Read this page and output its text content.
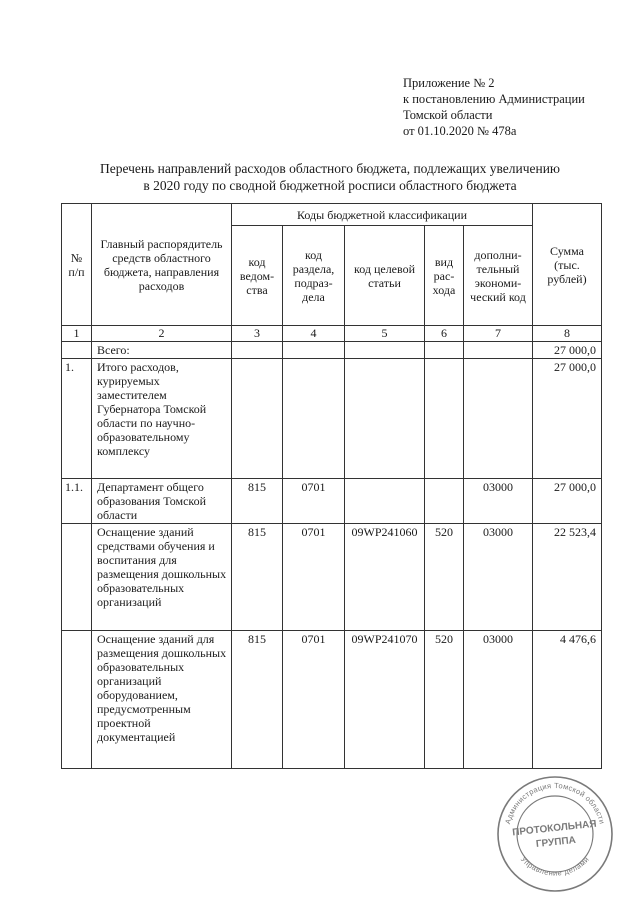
Приложение № 2
к постановлению Администрации
Томской области
от 01.10.2020 № 478а
Перечень направлений расходов областного бюджета, подлежащих увеличению
в 2020 году по сводной бюджетной росписи областного бюджета
№ п/п	Главный распорядитель средств областного бюджета, направления расходов	Коды бюджетной классификации					Сумма (тыс. рублей)
		код ведом-ства	код раздела, подраз-дела	код целевой статьи	вид рас-хода	дополни-тельный экономи-ческий код	
1	2	3	4	5	6	7	8
	Всего:						27 000,0
1.	Итого расходов, курируемых заместителем Губернатора Томской области по научно-образовательному комплексу						27 000,0
1.1.	Департамент общего образования Томской области	815	0701			03000	27 000,0
	Оснащение зданий средствами обучения и воспитания для размещения дошкольных образовательных организаций	815	0701	09WP241060	520	03000	22 523,4
	Оснащение зданий для размещения дошкольных образовательных организаций оборудованием, предусмотренным проектной документацией	815	0701	09WP241070	520	03000	4 476,6
Администрация Томской области
Управление делами
ПРОТОКОЛЬНАЯ
ГРУППА
